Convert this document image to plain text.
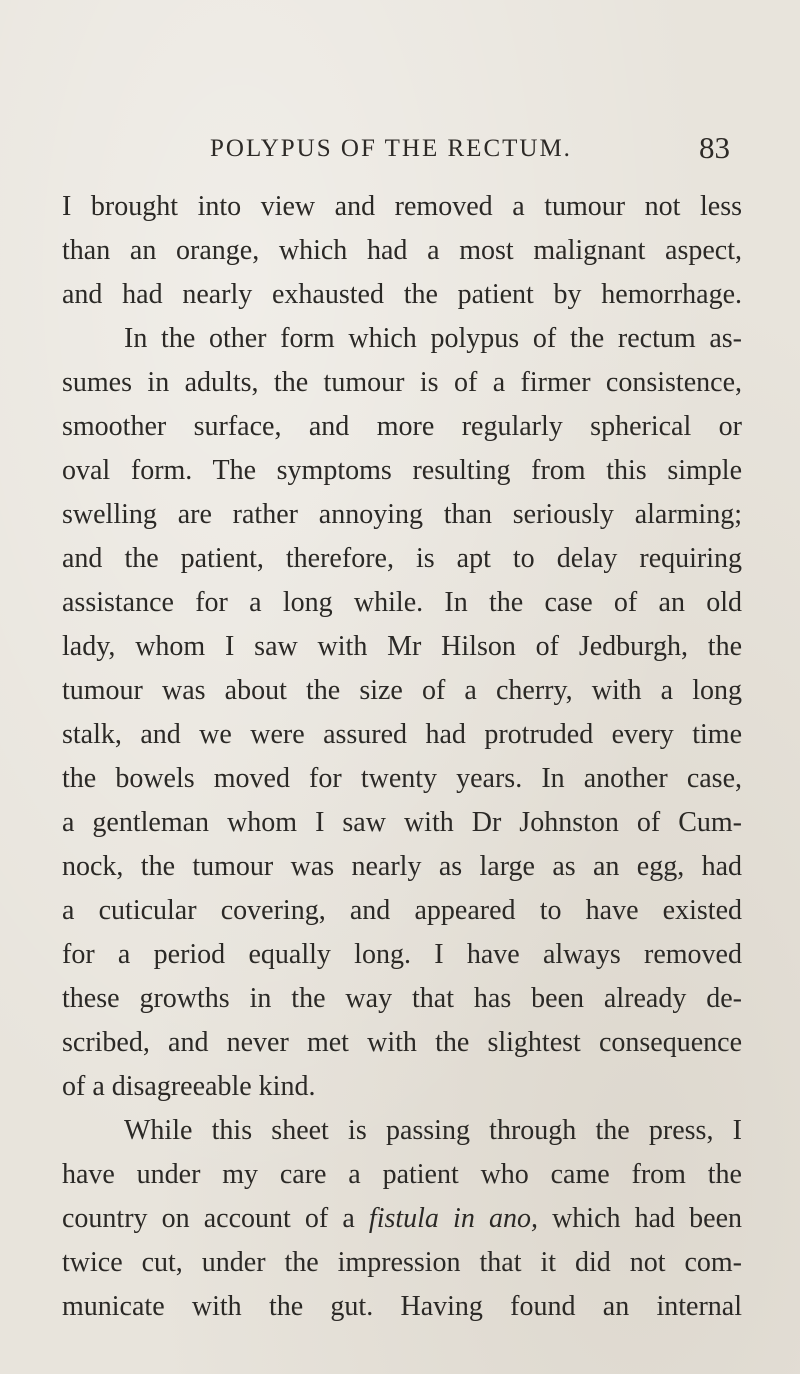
POLYPUS OF THE RECTUM.	83
I brought into view and removed a tumour not less
than an orange, which had a most malignant aspect,
and had nearly exhausted the patient by hemorrhage.
In the other form which polypus of the rectum as-
sumes in adults, the tumour is of a firmer consistence,
smoother surface, and more regularly spherical or
oval form. The symptoms resulting from this simple
swelling are rather annoying than seriously alarming;
and the patient, therefore, is apt to delay requiring
assistance for a long while. In the case of an old
lady, whom I saw with Mr Hilson of Jedburgh, the
tumour was about the size of a cherry, with a long
stalk, and we were assured had protruded every time
the bowels moved for twenty years. In another case,
a gentleman whom I saw with Dr Johnston of Cum-
nock, the tumour was nearly as large as an egg, had
a cuticular covering, and appeared to have existed
for a period equally long. I have always removed
these growths in the way that has been already de-
scribed, and never met with the slightest consequence
of a disagreeable kind.
While this sheet is passing through the press, I
have under my care a patient who came from the
country on account of a fistula in ano, which had been
twice cut, under the impression that it did not com-
municate with the gut. Having found an internal
